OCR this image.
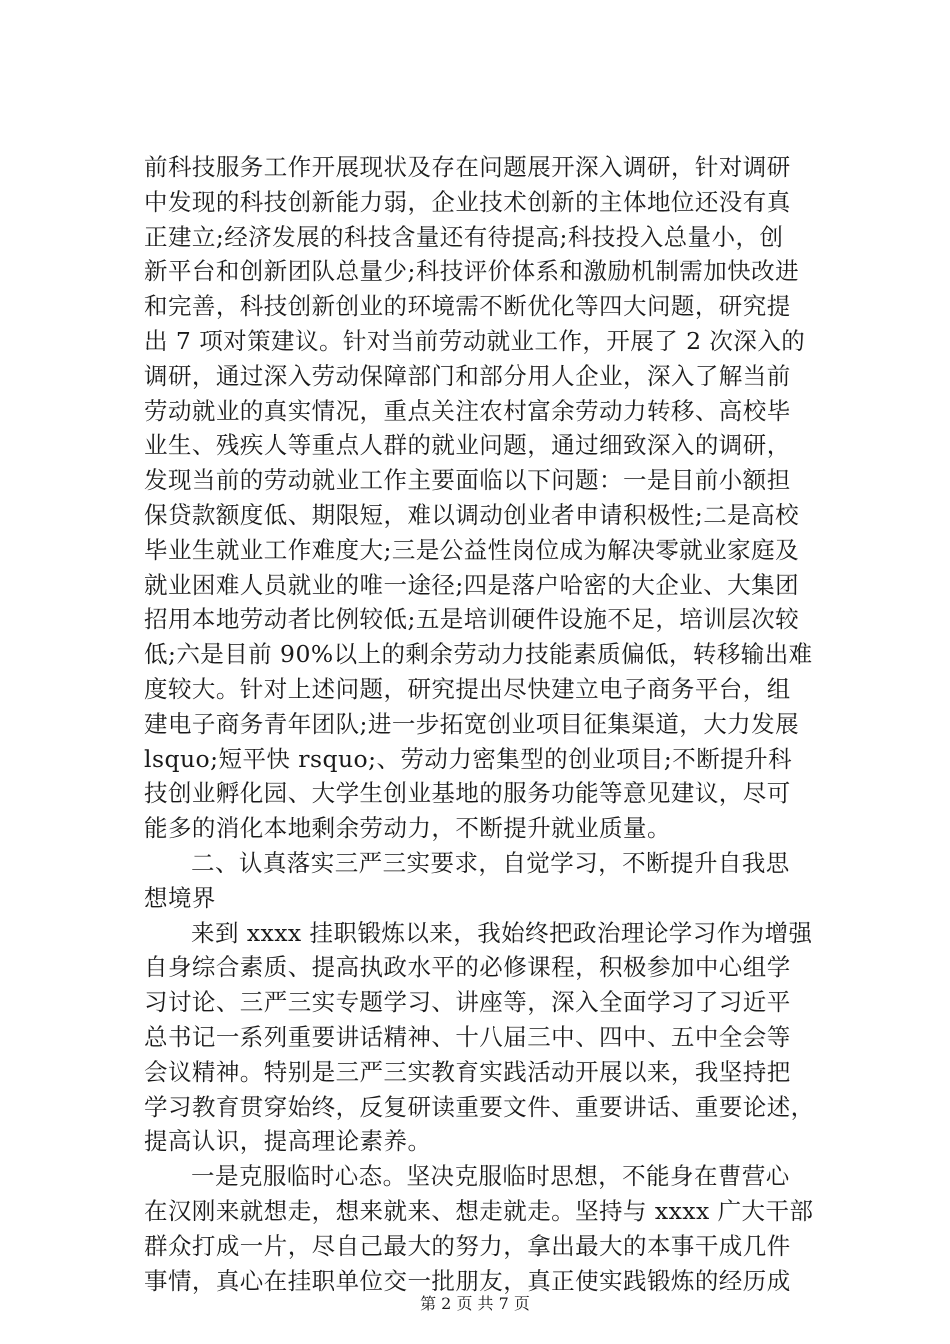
前科技服务工作开展现状及存在问题展开深入调研，针对调研
中发现的科技创新能力弱，企业技术创新的主体地位还没有真
正建立;经济发展的科技含量还有待提高;科技投入总量小，创
新平台和创新团队总量少;科技评价体系和激励机制需加快改进
和完善，科技创新创业的环境需不断优化等四大问题，研究提
出 7 项对策建议。针对当前劳动就业工作，开展了 2 次深入的
调研，通过深入劳动保障部门和部分用人企业，深入了解当前
劳动就业的真实情况，重点关注农村富余劳动力转移、高校毕
业生、残疾人等重点人群的就业问题，通过细致深入的调研，
发现当前的劳动就业工作主要面临以下问题：一是目前小额担
保贷款额度低、期限短，难以调动创业者申请积极性;二是高校
毕业生就业工作难度大;三是公益性岗位成为解决零就业家庭及
就业困难人员就业的唯一途径;四是落户哈密的大企业、大集团
招用本地劳动者比例较低;五是培训硬件设施不足，培训层次较
低;六是目前 90%以上的剩余劳动力技能素质偏低，转移输出难
度较大。针对上述问题，研究提出尽快建立电子商务平台，组
建电子商务青年团队;进一步拓宽创业项目征集渠道，大力发展
lsquo;短平快 rsquo;、劳动力密集型的创业项目;不断提升科
技创业孵化园、大学生创业基地的服务功能等意见建议，尽可
能多的消化本地剩余劳动力，不断提升就业质量。
二、认真落实三严三实要求，自觉学习，不断提升自我思
想境界
来到 xxxx 挂职锻炼以来，我始终把政治理论学习作为增强
自身综合素质、提高执政水平的必修课程，积极参加中心组学
习讨论、三严三实专题学习、讲座等，深入全面学习了习近平
总书记一系列重要讲话精神、十八届三中、四中、五中全会等
会议精神。特别是三严三实教育实践活动开展以来，我坚持把
学习教育贯穿始终，反复研读重要文件、重要讲话、重要论述，
提高认识，提高理论素养。
一是克服临时心态。坚决克服临时思想，不能身在曹营心
在汉刚来就想走，想来就来、想走就走。坚持与 xxxx 广大干部
群众打成一片，尽自己最大的努力，拿出最大的本事干成几件
事情，真心在挂职单位交一批朋友，真正使实践锻炼的经历成
第 2 页 共 7 页
